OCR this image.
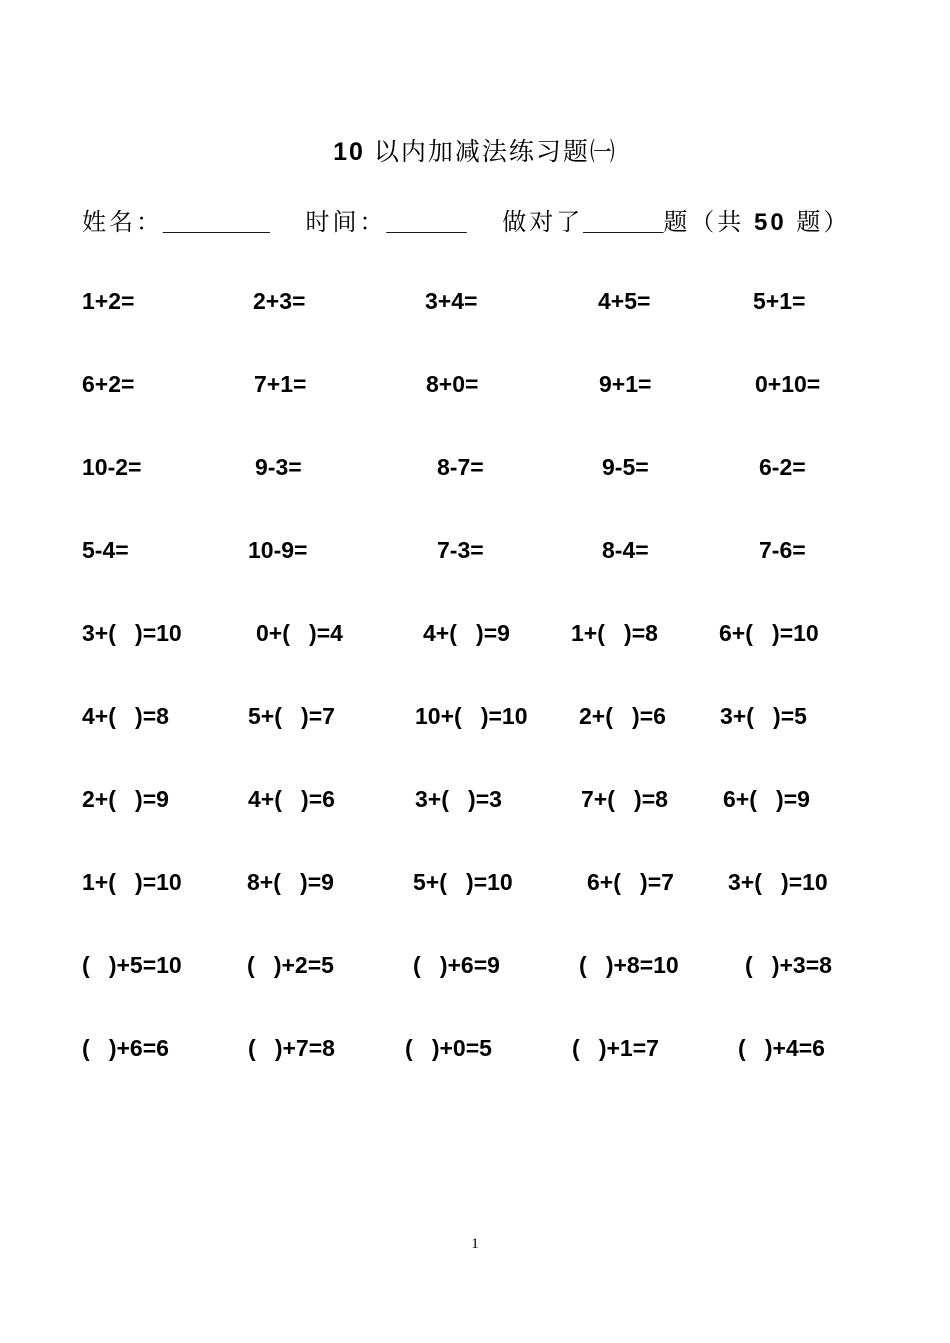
10 以内加减法练习题㈠
姓名：________ 时间：______ 做对了______题（共 50 题）
1+2=	2+3=	3+4=	4+5=	5+1=
6+2=	7+1=	8+0=	9+1=	0+10=
10-2=	9-3=	8-7=	9-5=	6-2=
5-4=	10-9=	7-3=	8-4=	7-6=
3+(   )=10	0+(   )=4	4+(   )=9	1+(   )=8	6+(   )=10
4+(   )=8	5+(   )=7	10+(   )=10 2+(   )=6 3+(   )=5
2+(   )=9	4+(   )=6	3+(   )=3	7+(   )=8 6+(   )=9
1+(   )=10	8+(   )=9	5+(   )=10	6+(   )=7 3+(   )=10
(   )+5=10	(   )+2=5	(   )+6=9	(   )+8=10	(   )+3=8
(   )+6=6	(   )+7=8	(   )+0=5	(   )+1=7	(   )+4=6
1
